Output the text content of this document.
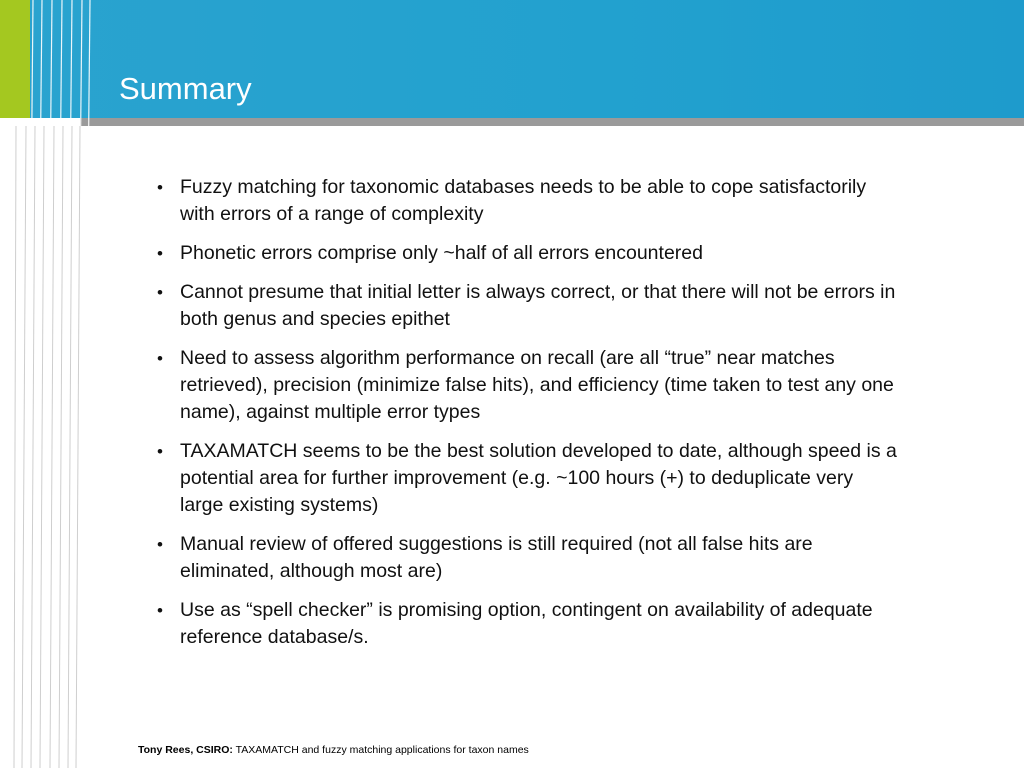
Summary
• Fuzzy matching for taxonomic databases needs to be able to cope satisfactorily with errors of a range of complexity
• Phonetic errors comprise only ~half of all errors encountered
• Cannot presume that initial letter is always correct, or that there will not be errors in both genus and species epithet
• Need to assess algorithm performance on recall (are all “true” near matches retrieved), precision (minimize false hits), and efficiency (time taken to test any one name), against multiple error types
• TAXAMATCH seems to be the best solution developed to date, although speed is a potential area for further improvement (e.g. ~100 hours (+) to deduplicate very large existing systems)
• Manual review of offered suggestions is still required (not all false hits are eliminated, although most are)
• Use as “spell checker” is promising option, contingent on availability of adequate reference database/s.
Tony Rees, CSIRO: TAXAMATCH and fuzzy matching applications for taxon names
